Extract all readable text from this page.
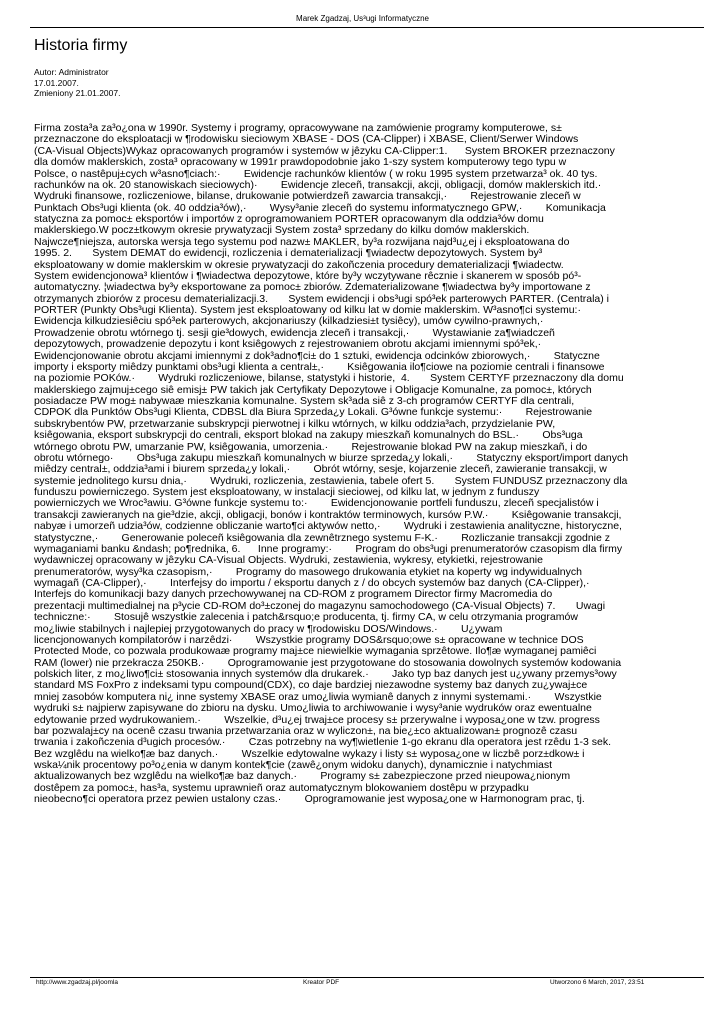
Marek Zgadzaj, Us³ugi Informatyczne
Historia firmy
Autor: Administrator
17.01.2007.
Zmieniony 21.01.2007.

Firma zosta³a za³o¿ona w 1990r. Systemy i programy, opracowywane na zamówienie programy komputerowe, s±
przeznaczone do eksploatacji w ¶rodowisku sieciowym XBASE - DOS (CA-Clipper) i XBASE, Client/Serwer Windows
(CA-Visual Objects)Wykaz opracowanych programów i systemów w jêzyku CA-Clipper:1.      System BROKER przeznaczony
dla domów maklerskich, zosta³ opracowany w 1991r prawdopodobnie jako 1-szy system komputerowy tego typu w
Polsce, o nastêpuj±cych w³asno¶ciach:·        Ewidencje rachunków klientów ( w roku 1995 system przetwarza³ ok. 40 tys.
rachunków na ok. 20 stanowiskach sieciowych)·        Ewidencje zleceñ, transakcji, akcji, obligacji, domów maklerskich itd.·
Wydruki finansowe, rozliczeniowe, bilanse, drukowanie potwierdzeñ zawarcia transakcji,·        Rejestrowanie zleceñ w
Punktach Obs³ugi klienta (ok. 40 oddzia³ów),·        Wysy³anie zleceñ do systemu informatycznego GPW,·        Komunikacja
statyczna za pomoc± eksportów i importów z oprogramowaniem PORTER opracowanym dla oddzia³ów domu
maklerskiego.W pocz±tkowym okresie prywatyzacji System zosta³ sprzedany do kilku domów maklerskich.
Najwcze¶niejsza, autorska wersja tego systemu pod nazw± MAKLER, by³a rozwijana najd³u¿ej i eksploatowana do
1995. 2.       System DEMAT do ewidencji, rozliczenia i dematerializacji ¶wiadectw depozytowych. System by³
eksploatowany w domie maklerskim w okresie prywatyzacji do zakoñczenia procedury dematerializacji ¶wiadectw.
System ewidencjonowa³ klientów i ¶wiadectwa depozytowe, które by³y wczytywane rêcznie i skanerem w sposób pó³-
automatyczny. ¦wiadectwa by³y eksportowane za pomoc± zbiorów. Zdematerializowane ¶wiadectwa by³y importowane z
otrzymanych zbiorów z procesu dematerializacji.3.       System ewidencji i obs³ugi spó³ek parterowych PARTER. (Centrala) i
PORTER (Punkty Obs³ugi Klienta). System jest eksploatowany od kilku lat w domie maklerskim. W³asno¶ci systemu:·
Ewidencja kilkudziesiêciu spó³ek parterowych, akcjonariuszy (kilkadziesi±t tysiêcy), umów cywilno-prawnych,·
Prowadzenie obrotu wtórnego tj. sesji gie³dowych, ewidencja zleceñ i transakcji,·        Wystawianie za¶wiadczeñ
depozytowych, prowadzenie depozytu i kont ksiêgowych z rejestrowaniem obrotu akcjami imiennymi spó³ek,·
Ewidencjonowanie obrotu akcjami imiennymi z dok³adno¶ci± do 1 sztuki, ewidencja odcinków zbiorowych,·        Statyczne
importy i eksporty miêdzy punktami obs³ugi klienta a central±,·        Ksiêgowania ilo¶ciowe na poziomie centrali i finansowe
na poziomie POKów.·        Wydruki rozliczeniowe, bilanse, statystyki i historie,  4.       System CERTYF przeznaczony dla domu
maklerskiego zajmuj±cego siê emisj± PW takich jak Certyfikaty Depozytowe i Obligacje Komunalne, za pomoc±, których
posiadacze PW mog± nabywaæ mieszkania komunalne. System sk³ada siê z 3-ch programów CERTYF dla centrali,
CDPOK dla Punktów Obs³ugi Klienta, CDBSL dla Biura Sprzeda¿y Lokali. G³ówne funkcje systemu:·        Rejestrowanie
subskrybentów PW, przetwarzanie subskrypcji pierwotnej i kilku wtórnych, w kilku oddzia³ach, przydzielanie PW,
ksiêgowania, eksport subskrypcji do centrali, eksport blokad na zakupy mieszkañ komunalnych do BSL.·        Obs³uga
wtórnego obrotu PW, umarzanie PW, ksiêgowania, umorzenia.·        Rejestrowanie blokad PW na zakup mieszkañ, i do
obrotu wtórnego·        Obs³uga zakupu mieszkañ komunalnych w biurze sprzeda¿y lokali,·        Statyczny eksport/import danych
miêdzy central±, oddzia³ami i biurem sprzeda¿y lokali,·        Obrót wtórny, sesje, kojarzenie zleceñ, zawieranie transakcji, w
systemie jednolitego kursu dnia,·        Wydruki, rozliczenia, zestawienia, tabele ofert 5.       System FUNDUSZ przeznaczony dla
funduszu powierniczego. System jest eksploatowany, w instalacji sieciowej, od kilku lat, w jednym z funduszy
powierniczych we Wroc³awiu. G³ówne funkcje systemu to:·        Ewidencjonowanie portfeli funduszu, zleceñ specjalistów i
transakcji zawieranych na gie³dzie, akcji, obligacji, bonów i kontraktów terminowych, kursów P.W.·        Ksiêgowanie transakcji,
nabyæ i umorzeñ udzia³ów, codzienne obliczanie warto¶ci aktywów netto,·        Wydruki i zestawienia analityczne, historyczne,
statystyczne,·        Generowanie poleceñ ksiêgowania dla zewnêtrznego systemu F-K.·        Rozliczanie transakcji zgodnie z
wymaganiami banku &ndash; po¶rednika, 6.      Inne programy:·        Program do obs³ugi prenumeratorów czasopism dla firmy
wydawniczej opracowany w jêzyku CA-Visual Objects. Wydruki, zestawienia, wykresy, etykietki, rejestrowanie
prenumeratorów, wysy³ka czasopism,·        Programy do masowego drukowania etykiet na koperty wg indywidualnych
wymagañ (CA-Clipper),·        Interfejsy do importu / eksportu danych z / do obcych systemów baz danych (CA-Clipper),·
Interfejs do komunikacji bazy danych przechowywanej na CD-ROM z programem Director firmy Macromedia do
prezentacji multimedialnej na p³ycie CD-ROM do³±czonej do magazynu samochodowego (CA-Visual Objects) 7.       Uwagi
techniczne:·        Stosujê wszystkie zalecenia i patch&rsquo;e producenta, tj. firmy CA, w celu otrzymania programów
mo¿liwie stabilnych i najlepiej przygotowanych do pracy w ¶rodowisku DOS/Windows.·        U¿ywam
licencjonowanych kompilatorów i narzêdzi·        Wszystkie programy DOS&rsquo;owe s± opracowane w technice DOS
Protected Mode, co pozwala produkowaæ programy maj±ce niewielkie wymagania sprzêtowe. Ilo¶æ wymaganej pamiêci
RAM (lower) nie przekracza 250KB.·        Oprogramowanie jest przygotowane do stosowania dowolnych systemów kodowania
polskich liter, z mo¿liwo¶ci± stosowania innych systemów dla drukarek.·        Jako typ baz danych jest u¿ywany przemys³owy
standard MS FoxPro z indeksami typu compound(CDX), co daje bardziej niezawodne systemy baz danych zu¿ywaj±ce
mniej zasobów komputera ni¿ inne systemy XBASE oraz umo¿liwia wymianê danych z innymi systemami.·        Wszystkie
wydruki s± najpierw zapisywane do zbioru na dysku. Umo¿liwia to archiwowanie i wysy³anie wydruków oraz ewentualne
edytowanie przed wydrukowaniem.·        Wszelkie, d³u¿ej trwaj±ce procesy s± przerywalne i wyposa¿one w tzw. progress
bar pozwalaj±cy na ocenê czasu trwania przetwarzania oraz w wyliczon±, na bie¿±co aktualizowan± prognozê czasu
trwania i zakoñczenia d³ugich procesów.·        Czas potrzebny na wy¶wietlenie 1-go ekranu dla operatora jest rzêdu 1-3 sek.
Bez wzglêdu na wielko¶æ baz danych.·        Wszelkie edytowalne wykazy i listy s± wyposa¿one w liczbê porz±dkow± i
wska¼nik procentowy po³o¿enia w danym kontek¶cie (zawê¿onym widoku danych), dynamicznie i natychmiast
aktualizowanych bez wzglêdu na wielko¶æ baz danych.·        Programy s± zabezpieczone przed nieupowa¿nionym
dostêpem za pomoc±, has³a, systemu uprawnieñ oraz automatycznym blokowaniem dostêpu w przypadku
nieobecno¶ci operatora przez pewien ustalony czas.·        Oprogramowanie jest wyposa¿one w Harmonogram prac, tj.

http://www.zgadzaj.pl/joomla	Kreator PDF	Utworzono 6 March, 2017, 23:51
